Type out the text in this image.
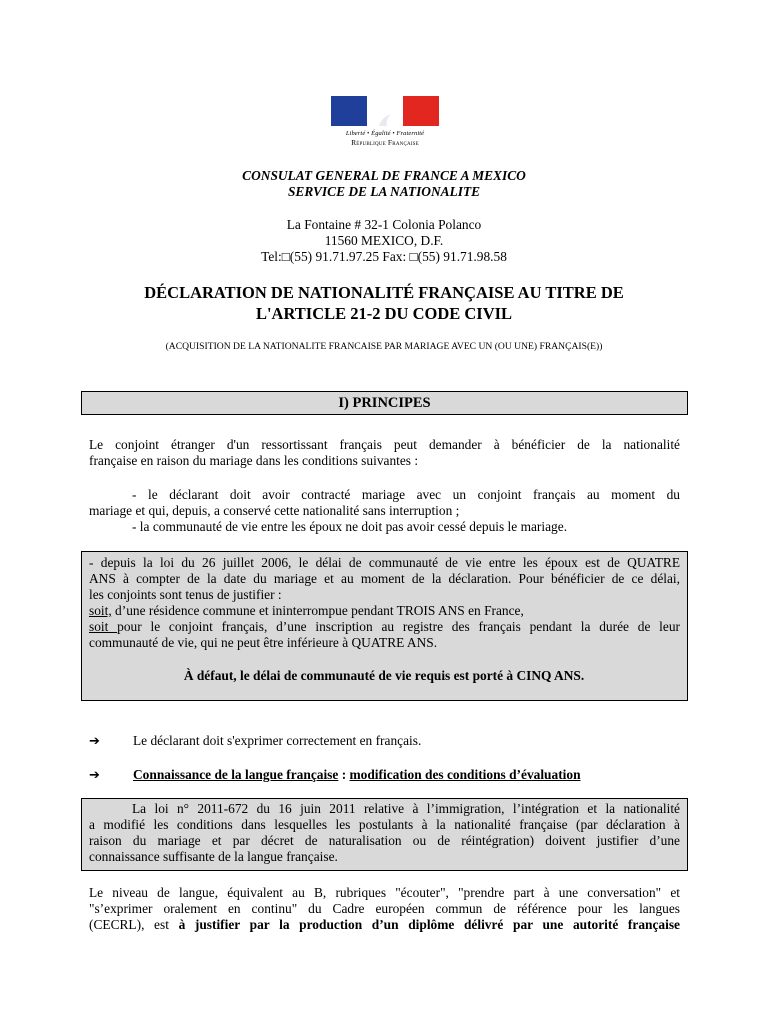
Liberté • Égalité • Fraternité
République Française
CONSULAT GENERAL DE FRANCE A MEXICO
SERVICE DE LA NATIONALITE
La Fontaine # 32-1 Colonia Polanco
11560 MEXICO, D.F.
Tel:□(55) 91.71.97.25 Fax: □(55) 91.71.98.58
DÉCLARATION DE NATIONALITÉ FRANÇAISE AU TITRE DE
L'ARTICLE 21-2 DU CODE CIVIL
(ACQUISITION DE LA NATIONALITE FRANCAISE PAR MARIAGE AVEC UN (OU UNE) FRANÇAIS(E))
I) PRINCIPES
Le conjoint étranger d'un ressortissant français peut demander à bénéficier de la nationalité
française en raison du mariage dans les conditions suivantes :
- le déclarant doit avoir contracté mariage avec un conjoint français au moment du
mariage et qui, depuis, a conservé cette nationalité sans interruption ;
- la communauté de vie entre les époux ne doit pas avoir cessé depuis le mariage.
- depuis la loi du 26 juillet 2006, le délai de communauté de vie entre les époux est de QUATRE
ANS à compter de la date du mariage et au moment de la déclaration. Pour bénéficier de ce délai,
les conjoints sont tenus de justifier :
soit, d’une résidence commune et ininterrompue pendant TROIS ANS en France,
soit pour le conjoint français, d’une inscription au registre des français pendant la durée de leur
communauté de vie, qui ne peut être inférieure à QUATRE ANS.
À défaut, le délai de communauté de vie requis est porté à CINQ ANS.
➔ Le déclarant doit s'exprimer correctement en français.
➔ Connaissance de la langue française : modification des conditions d’évaluation
La loi n° 2011-672 du 16 juin 2011 relative à l’immigration, l’intégration et la nationalité
a modifié les conditions dans lesquelles les postulants à la nationalité française (par déclaration à
raison du mariage et par décret de naturalisation ou de réintégration) doivent justifier d’une
connaissance suffisante de la langue française.
Le niveau de langue, équivalent au B, rubriques "écouter", "prendre part à une conversation" et
"s’exprimer oralement en continu" du Cadre européen commun de référence pour les langues
(CECRL), est à justifier par la production d’un diplôme délivré par une autorité française
